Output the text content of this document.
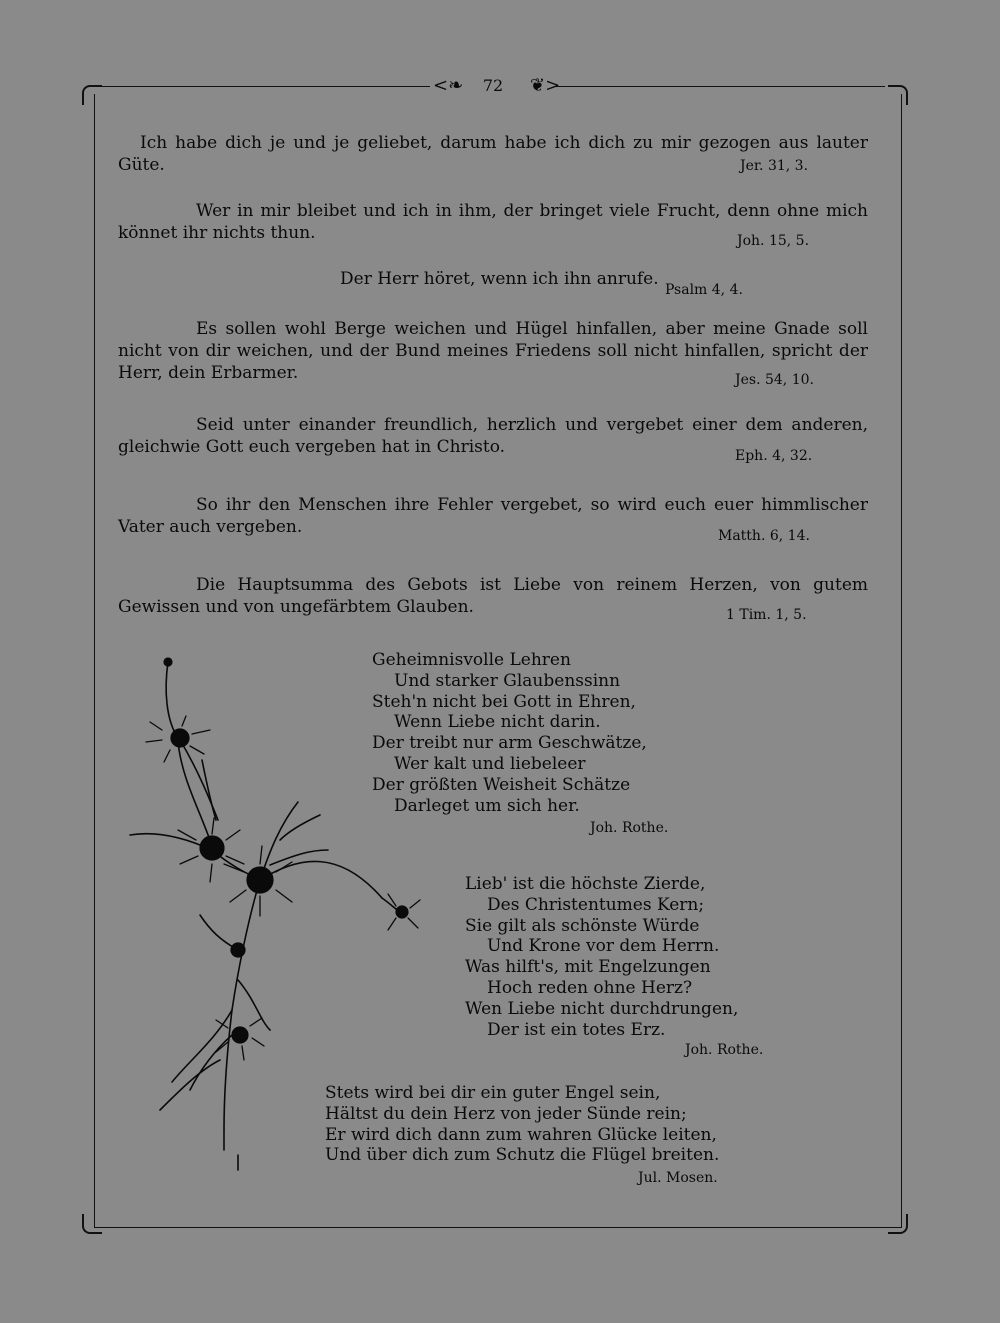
<❧	❦>
72
Ich habe dich je und je geliebet, darum habe ich dich zu mir gezogen aus lauter Güte.	Jer. 31, 3.
Wer in mir bleibet und ich in ihm, der bringet viele Frucht, denn ohne mich könnet ihr nichts thun.	Joh. 15, 5.
Der Herr höret, wenn ich ihn anrufe.
Psalm 4, 4.
Es sollen wohl Berge weichen und Hügel hinfallen, aber meine Gnade soll nicht von dir weichen, und der Bund meines Friedens soll nicht hinfallen, spricht der Herr, dein Erbarmer.	Jes. 54, 10.
Seid unter einander freundlich, herzlich und vergebet einer dem anderen, gleichwie Gott euch vergeben hat in Christo.	Eph. 4, 32.
So ihr den Menschen ihre Fehler vergebet, so wird euch euer himmlischer Vater auch vergeben.	Matth. 6, 14.
Die Hauptsumma des Gebots ist Liebe von reinem Herzen, von gutem Gewissen und von ungefärbtem Glauben.	1 Tim. 1, 5.
Geheimnisvolle Lehren
Und starker Glaubenssinn
Steh'n nicht bei Gott in Ehren,
Wenn Liebe nicht darin.
Der treibt nur arm Geschwätze,
Wer kalt und liebeleer
Der größten Weisheit Schätze
Darleget um sich her.
Joh. Rothe.
Lieb' ist die höchste Zierde,
Des Christentumes Kern;
Sie gilt als schönste Würde
Und Krone vor dem Herrn.
Was hilft's, mit Engelzungen
Hoch reden ohne Herz?
Wen Liebe nicht durchdrungen,
Der ist ein totes Erz.
Joh. Rothe.
Stets wird bei dir ein guter Engel sein,
Hältst du dein Herz von jeder Sünde rein;
Er wird dich dann zum wahren Glücke leiten,
Und über dich zum Schutz die Flügel breiten.
Jul. Mosen.
